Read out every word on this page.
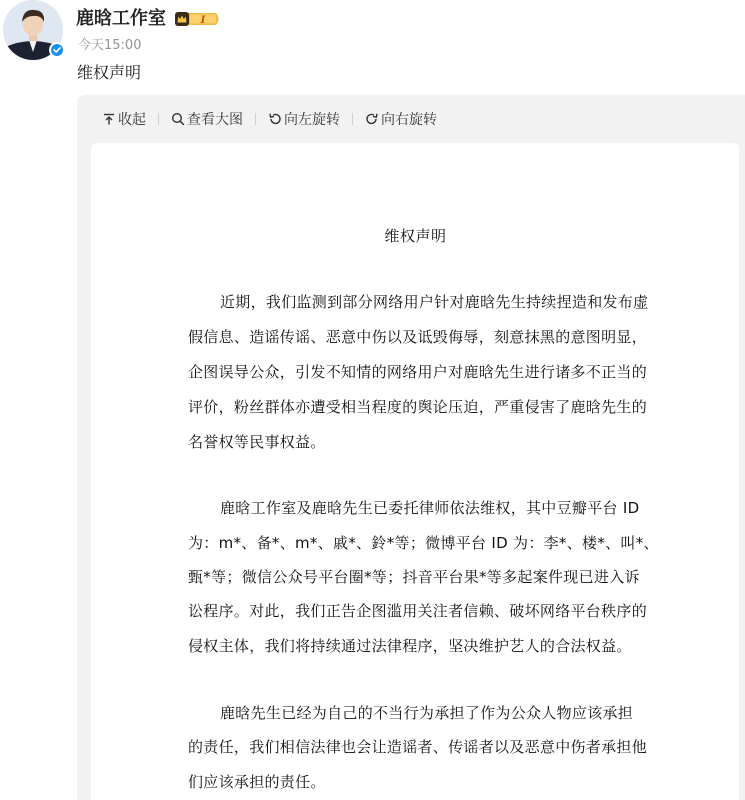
鹿晗工作室	I
今天15:00
维权声明
收起	查看大图	向左旋转	向右旋转
维权声明
近期，我们监测到部分网络用户针对鹿晗先生持续捏造和发布虚
假信息、造谣传谣、恶意中伤以及诋毁侮辱，刻意抹黑的意图明显，
企图误导公众，引发不知情的网络用户对鹿晗先生进行诸多不正当的
评价，粉丝群体亦遭受相当程度的舆论压迫，严重侵害了鹿晗先生的
名誉权等民事权益。
鹿晗工作室及鹿晗先生已委托律师依法维权，其中豆瓣平台 ID
为：m*、备*、m*、戚*、鈴*等；微博平台 ID 为：李*、楼*、叫*、
甄*等；微信公众号平台圈*等；抖音平台果*等多起案件现已进入诉
讼程序。对此，我们正告企图滥用关注者信赖、破坏网络平台秩序的
侵权主体，我们将持续通过法律程序，坚决维护艺人的合法权益。
鹿晗先生已经为自己的不当行为承担了作为公众人物应该承担
的责任，我们相信法律也会让造谣者、传谣者以及恶意中伤者承担他
们应该承担的责任。
